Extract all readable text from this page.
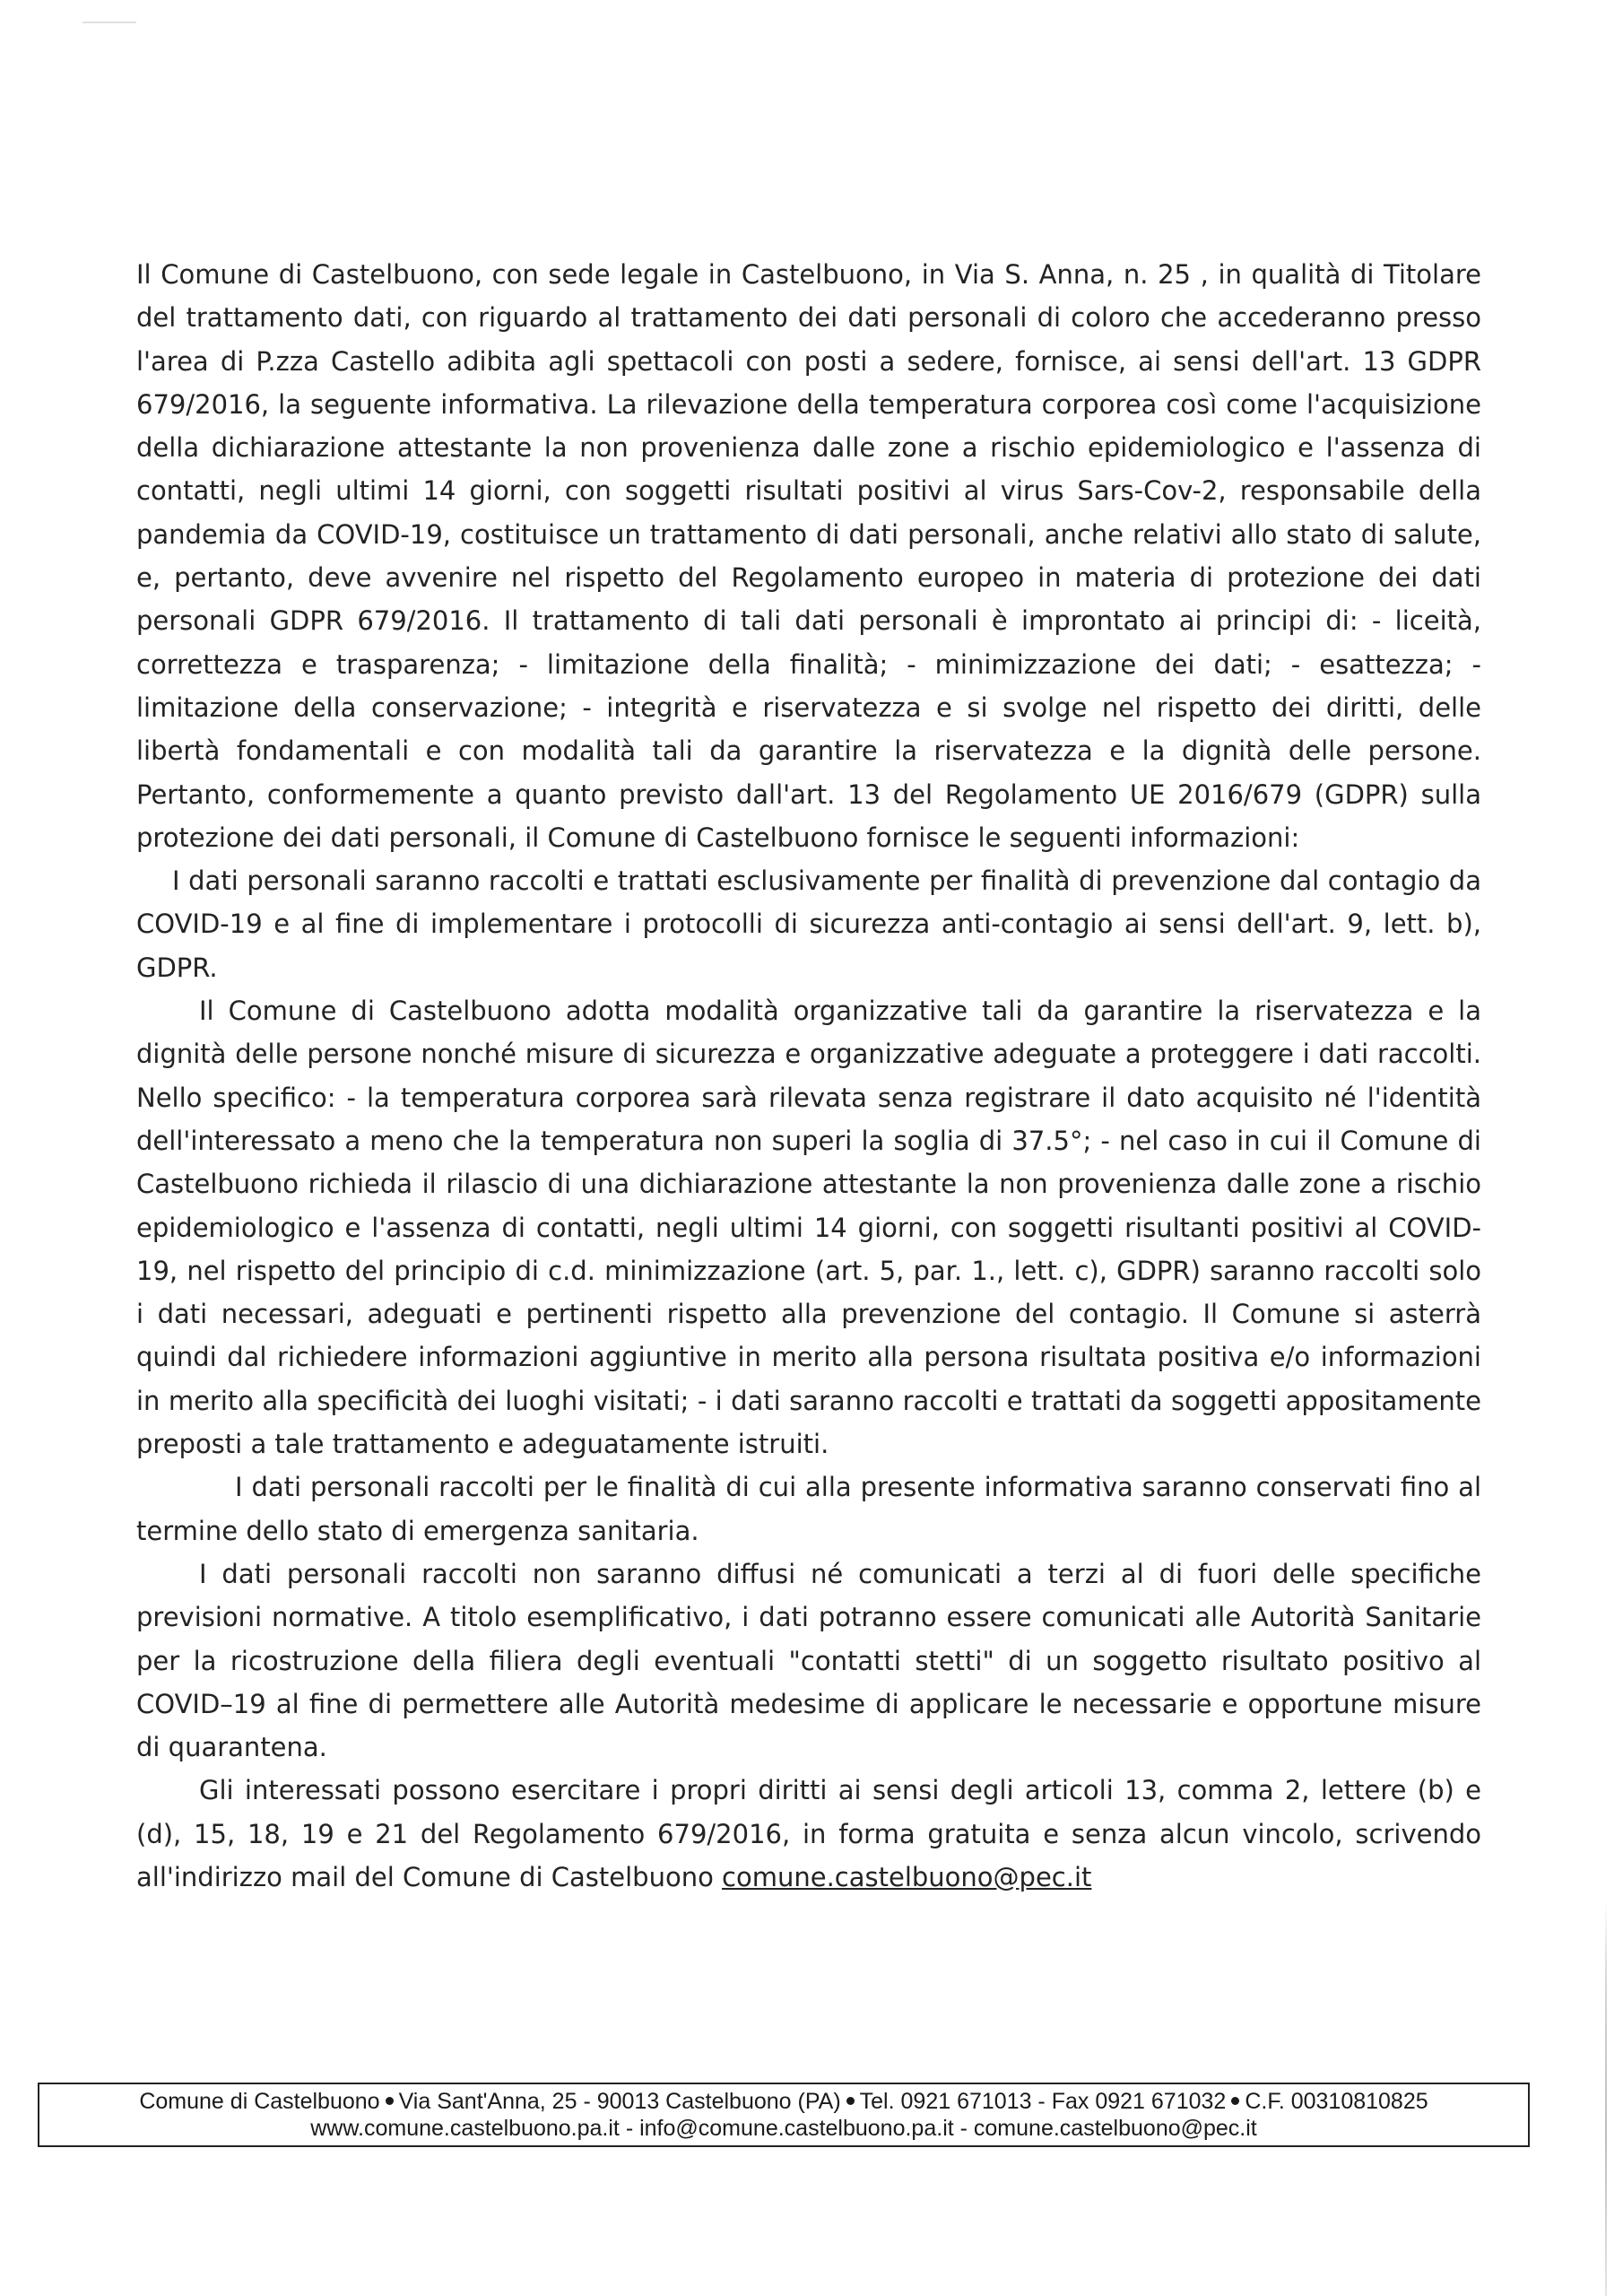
Il Comune di Castelbuono, con sede legale in Castelbuono, in Via S. Anna, n. 25 , in qualità di Titolare del trattamento dati, con riguardo al trattamento dei dati personali di coloro che accederanno presso l'area di P.zza Castello adibita agli spettacoli con posti a sedere, fornisce, ai sensi dell'art. 13 GDPR 679/2016, la seguente informativa. La rilevazione della temperatura corporea così come l'acquisizione della dichiarazione attestante la non provenienza dalle zone a rischio epidemiologico e l'assenza di contatti, negli ultimi 14 giorni, con soggetti risultati positivi al virus Sars-Cov-2, responsabile della pandemia da COVID-19, costituisce un trattamento di dati personali, anche relativi allo stato di salute, e, pertanto, deve avvenire nel rispetto del Regolamento europeo in materia di protezione dei dati personali GDPR 679/2016. Il trattamento di tali dati personali è improntato ai principi di: - liceità, correttezza e trasparenza; - limitazione della finalità; - minimizzazione dei dati; - esattezza; - limitazione della conservazione; - integrità e riservatezza e si svolge nel rispetto dei diritti, delle libertà fondamentali e con modalità tali da garantire la riservatezza e la dignità delle persone. Pertanto, conformemente a quanto previsto dall'art. 13 del Regolamento UE 2016/679 (GDPR) sulla protezione dei dati personali, il Comune di Castelbuono fornisce le seguenti informazioni:

I dati personali saranno raccolti e trattati esclusivamente per finalità di prevenzione dal contagio da COVID-19 e al fine di implementare i protocolli di sicurezza anti-contagio ai sensi dell'art. 9, lett. b), GDPR.

Il Comune di Castelbuono adotta modalità organizzative tali da garantire la riservatezza e la dignità delle persone nonché misure di sicurezza e organizzative adeguate a proteggere i dati raccolti. Nello specifico: - la temperatura corporea sarà rilevata senza registrare il dato acquisito né l'identità dell'interessato a meno che la temperatura non superi la soglia di 37.5°; - nel caso in cui il Comune di Castelbuono richieda il rilascio di una dichiarazione attestante la non provenienza dalle zone a rischio epidemiologico e l'assenza di contatti, negli ultimi 14 giorni, con soggetti risultanti positivi al COVID-19, nel rispetto del principio di c.d. minimizzazione (art. 5, par. 1., lett. c), GDPR) saranno raccolti solo i dati necessari, adeguati e pertinenti rispetto alla prevenzione del contagio. Il Comune si asterrà quindi dal richiedere informazioni aggiuntive in merito alla persona risultata positiva e/o informazioni in merito alla specificità dei luoghi visitati; - i dati saranno raccolti e trattati da soggetti appositamente preposti a tale trattamento e adeguatamente istruiti.

I dati personali raccolti per le finalità di cui alla presente informativa saranno conservati fino al termine dello stato di emergenza sanitaria.

I dati personali raccolti non saranno diffusi né comunicati a terzi al di fuori delle specifiche previsioni normative. A titolo esemplificativo, i dati potranno essere comunicati alle Autorità Sanitarie per la ricostruzione della filiera degli eventuali "contatti stetti" di un soggetto risultato positivo al COVID–19 al fine di permettere alle Autorità medesime di applicare le necessarie e opportune misure di quarantena.

Gli interessati possono esercitare i propri diritti ai sensi degli articoli 13, comma 2, lettere (b) e (d), 15, 18, 19 e 21 del Regolamento 679/2016, in forma gratuita e senza alcun vincolo, scrivendo all'indirizzo mail del Comune di Castelbuono comune.castelbuono@pec.it

Comune di Castelbuono Via Sant'Anna, 25 - 90013 Castelbuono (PA) Tel. 0921 671013 - Fax 0921 671032 C.F. 00310810825
www.comune.castelbuono.pa.it - info@comune.castelbuono.pa.it - comune.castelbuono@pec.it
